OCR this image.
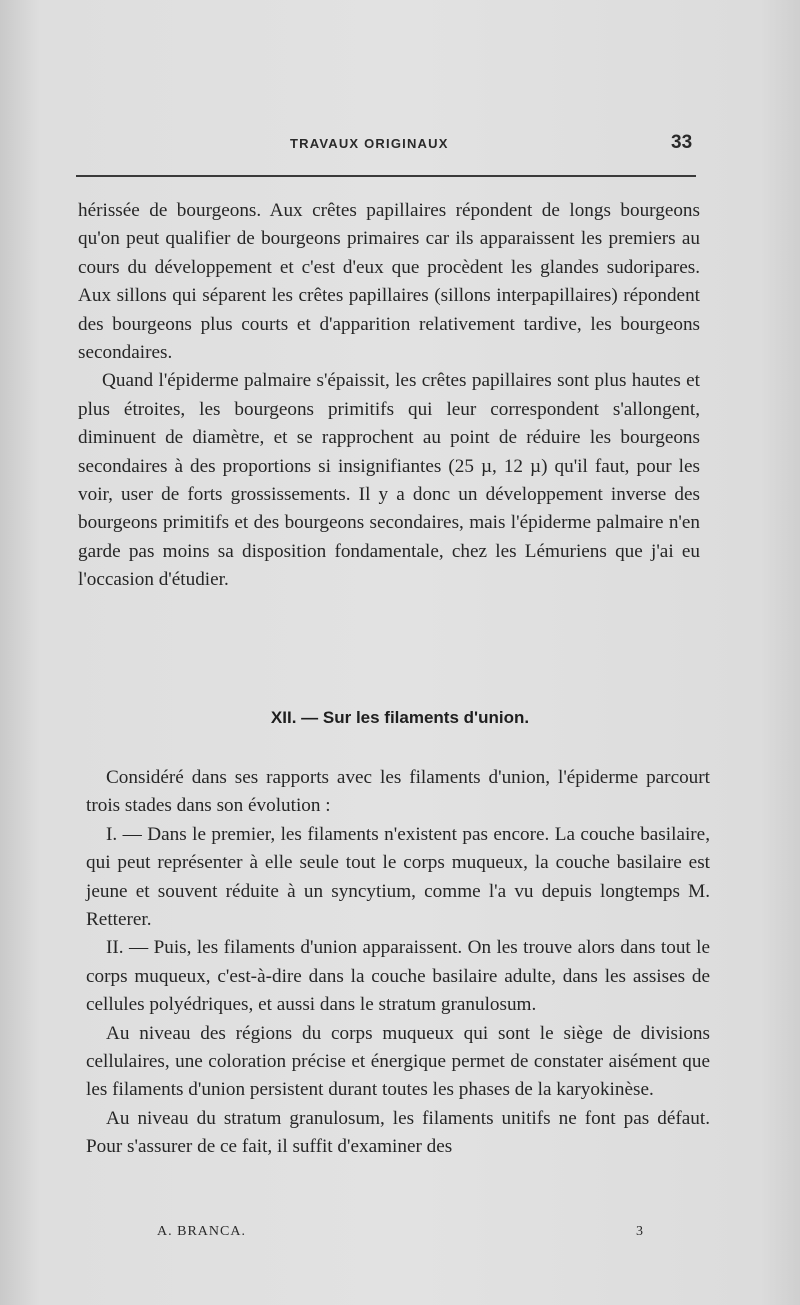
TRAVAUX ORIGINAUX	33

hérissée de bourgeons. Aux crêtes papillaires répondent de longs bourgeons qu'on peut qualifier de bourgeons primaires car ils apparaissent les premiers au cours du développement et c'est d'eux que procèdent les glandes sudoripares. Aux sillons qui séparent les crêtes papillaires (sillons interpapillaires) répondent des bourgeons plus courts et d'apparition relativement tardive, les bourgeons secondaires.

Quand l'épiderme palmaire s'épaissit, les crêtes papillaires sont plus hautes et plus étroites, les bourgeons primitifs qui leur correspondent s'allongent, diminuent de diamètre, et se rapprochent au point de réduire les bourgeons secondaires à des proportions si insignifiantes (25 µ, 12 µ) qu'il faut, pour les voir, user de forts grossissements. Il y a donc un développement inverse des bourgeons primitifs et des bourgeons secondaires, mais l'épiderme palmaire n'en garde pas moins sa disposition fondamentale, chez les Lémuriens que j'ai eu l'occasion d'étudier.

XII. — Sur les filaments d'union.

Considéré dans ses rapports avec les filaments d'union, l'épiderme parcourt trois stades dans son évolution :

I. — Dans le premier, les filaments n'existent pas encore. La couche basilaire, qui peut représenter à elle seule tout le corps muqueux, la couche basilaire est jeune et souvent réduite à un syncytium, comme l'a vu depuis longtemps M. Retterer.

II. — Puis, les filaments d'union apparaissent. On les trouve alors dans tout le corps muqueux, c'est-à-dire dans la couche basilaire adulte, dans les assises de cellules polyédriques, et aussi dans le stratum granulosum.

Au niveau des régions du corps muqueux qui sont le siège de divisions cellulaires, une coloration précise et énergique permet de constater aisément que les filaments d'union persistent durant toutes les phases de la karyokinèse.

Au niveau du stratum granulosum, les filaments unitifs ne font pas défaut. Pour s'assurer de ce fait, il suffit d'examiner des

A. BRANCA.	3
